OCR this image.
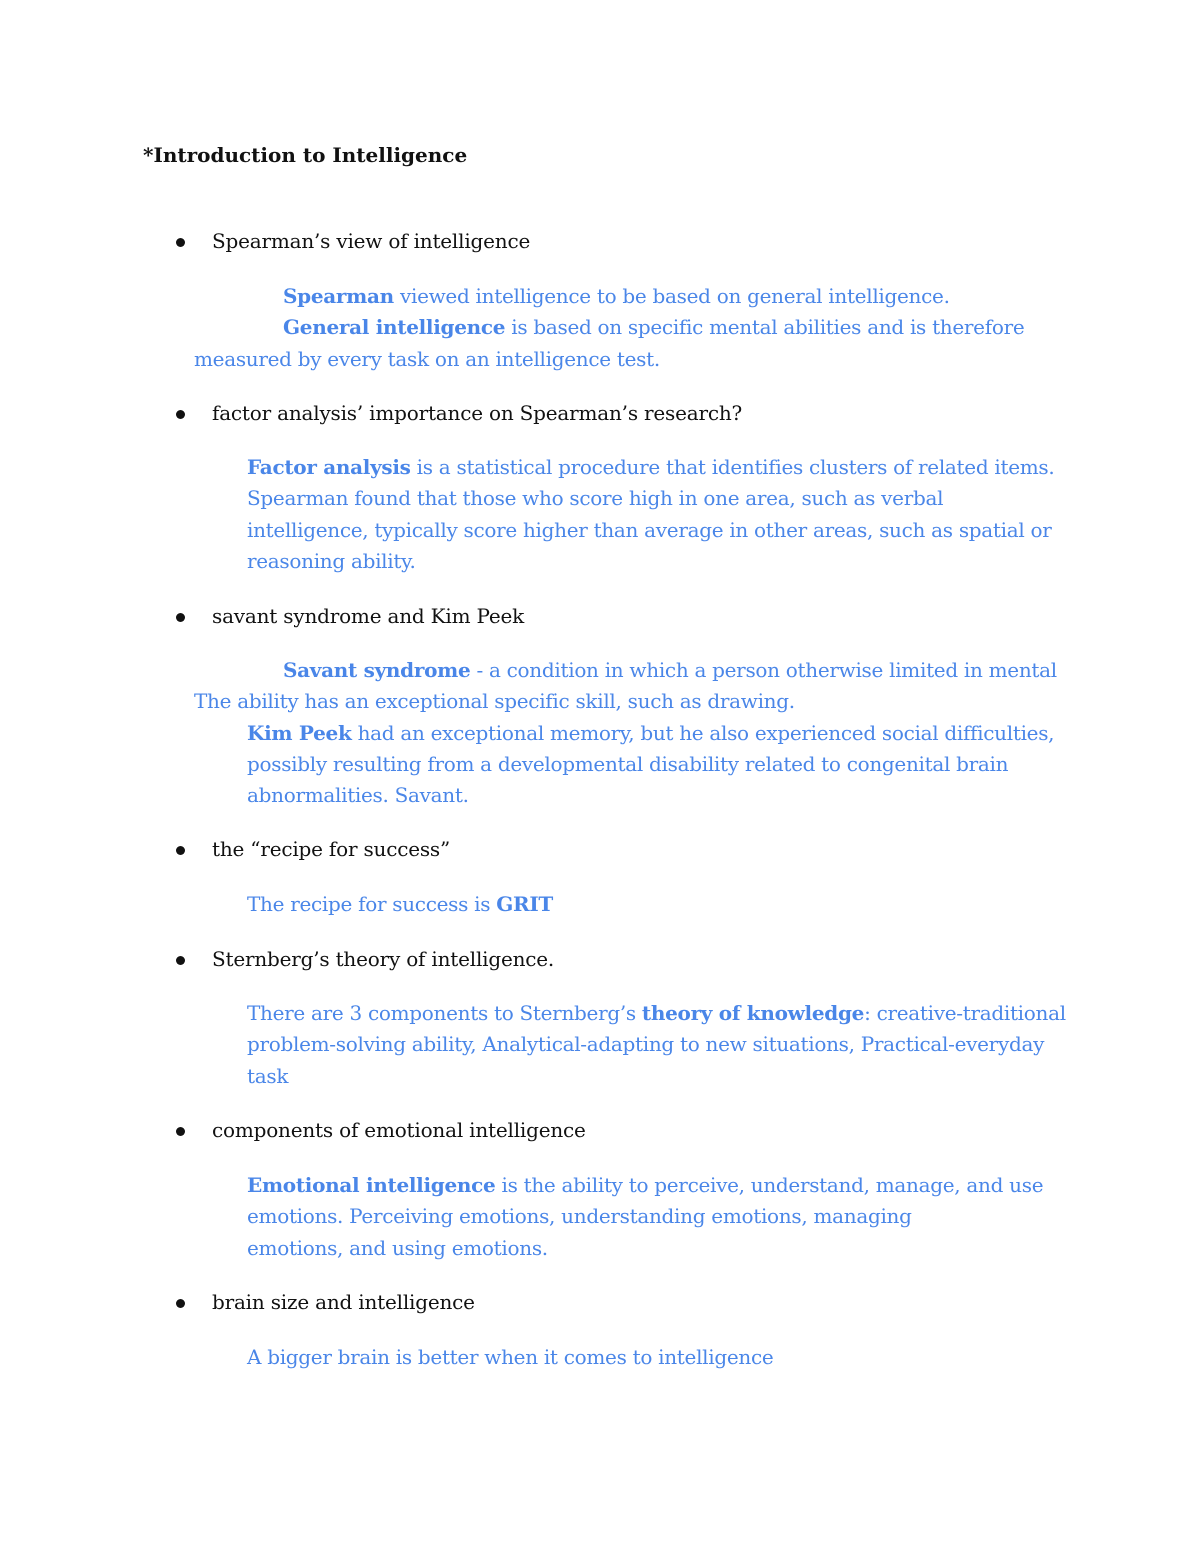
*Introduction to Intelligence
Spearman’s view of intelligence
Spearman viewed intelligence to be based on general intelligence.
General intelligence is based on specific mental abilities and is therefore
measured by every task on an intelligence test.
factor analysis’ importance on Spearman’s research?
Factor analysis is a statistical procedure that identifies clusters of related items.
Spearman found that those who score high in one area, such as verbal
intelligence, typically score higher than average in other areas, such as spatial or
reasoning ability.
savant syndrome and Kim Peek
Savant syndrome - a condition in which a person otherwise limited in mental
The ability has an exceptional specific skill, such as drawing.
Kim Peek had an exceptional memory, but he also experienced social difficulties,
possibly resulting from a developmental disability related to congenital brain
abnormalities. Savant.
the “recipe for success”
The recipe for success is GRIT
Sternberg’s theory of intelligence.
There are 3 components to Sternberg’s theory of knowledge: creative-traditional
problem-solving ability, Analytical-adapting to new situations, Practical-everyday
task
components of emotional intelligence
Emotional intelligence is the ability to perceive, understand, manage, and use
emotions. Perceiving emotions, understanding emotions, managing
emotions, and using emotions.
brain size and intelligence
A bigger brain is better when it comes to intelligence
